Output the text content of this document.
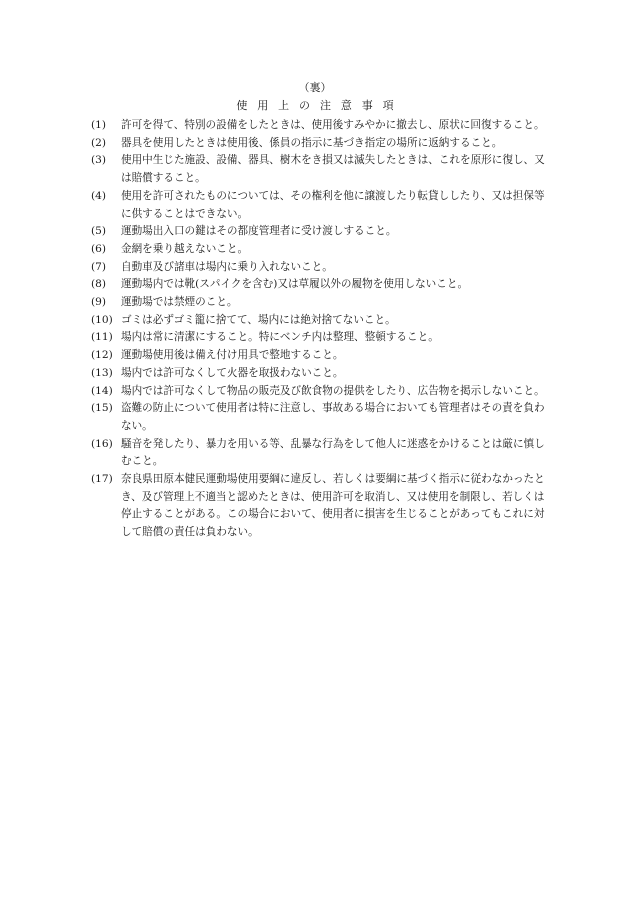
（裏）
使用上の注意事項
(1)	許可を得て、特別の設備をしたときは、使用後すみやかに撤去し、原状に回復すること。
(2)	器具を使用したときは使用後、係員の指示に基づき指定の場所に返納すること。
(3)	使用中生じた施設、設備、器具、樹木をき損又は滅失したときは、これを原形に復し、又は賠償すること。
(4)	使用を許可されたものについては、その権利を他に譲渡したり転貸ししたり、又は担保等に供することはできない。
(5)	運動場出入口の鍵はその都度管理者に受け渡しすること。
(6)	金網を乗り越えないこと。
(7)	自動車及び諸車は場内に乗り入れないこと。
(8)	運動場内では靴(スパイクを含む)又は草履以外の履物を使用しないこと。
(9)	運動場では禁煙のこと。
(10) ゴミは必ずゴミ籠に捨てて、場内には絶対捨てないこと。
(11) 場内は常に清潔にすること。特にベンチ内は整理、整頓すること。
(12) 運動場使用後は備え付け用具で整地すること。
(13) 場内では許可なくして火器を取扱わないこと。
(14) 場内では許可なくして物品の販売及び飲食物の提供をしたり、広告物を掲示しないこと。
(15) 盗難の防止について使用者は特に注意し、事故ある場合においても管理者はその責を負わない。
(16) 騒音を発したり、暴力を用いる等、乱暴な行為をして他人に迷惑をかけることは厳に慎しむこと。
(17) 奈良県田原本健民運動場使用要綱に違反し、若しくは要綱に基づく指示に従わなかったとき、及び管理上不適当と認めたときは、使用許可を取消し、又は使用を制限し、若しくは停止することがある。この場合において、使用者に損害を生じることがあってもこれに対して賠償の責任は負わない。
